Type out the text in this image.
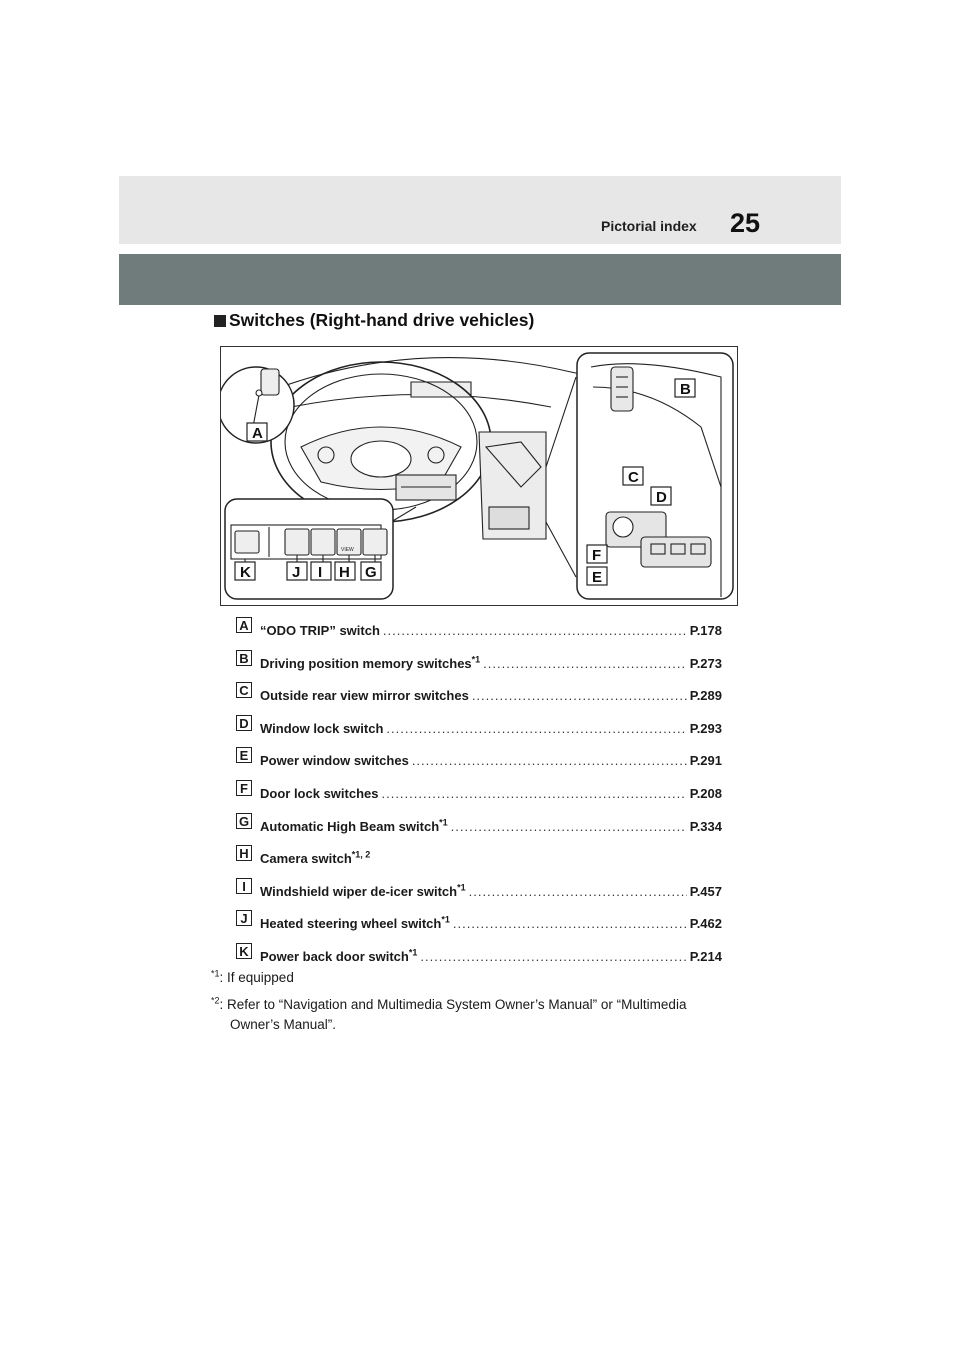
Pictorial index 25
Switches (Right-hand drive vehicles)
VIEW
A
B
C
D
E
F
G
H
I
J
K
A “ODO TRIP” switch .....	P.178
B Driving position memory switches$^{*1}$ .....	P.273
C Outside rear view mirror switches .....	P.289
D Window lock switch .....	P.293
E Power window switches .....	P.291
F Door lock switches .....	P.208
G Automatic High Beam switch$^{*1}$ .....	P.334
H Camera switch$^{*1, 2}$
I	Windshield wiper de-icer switch$^{*1}$ .....	P.457
J Heated steering wheel switch$^{*1}$ .....	P.462
K Power back door switch$^{*1}$ .....	P.214
$^{*1}$: If equipped
$^{*2}$: Refer to “Navigation and Multimedia System Owner’s Manual” or “Multimedia
Owner’s Manual”.
